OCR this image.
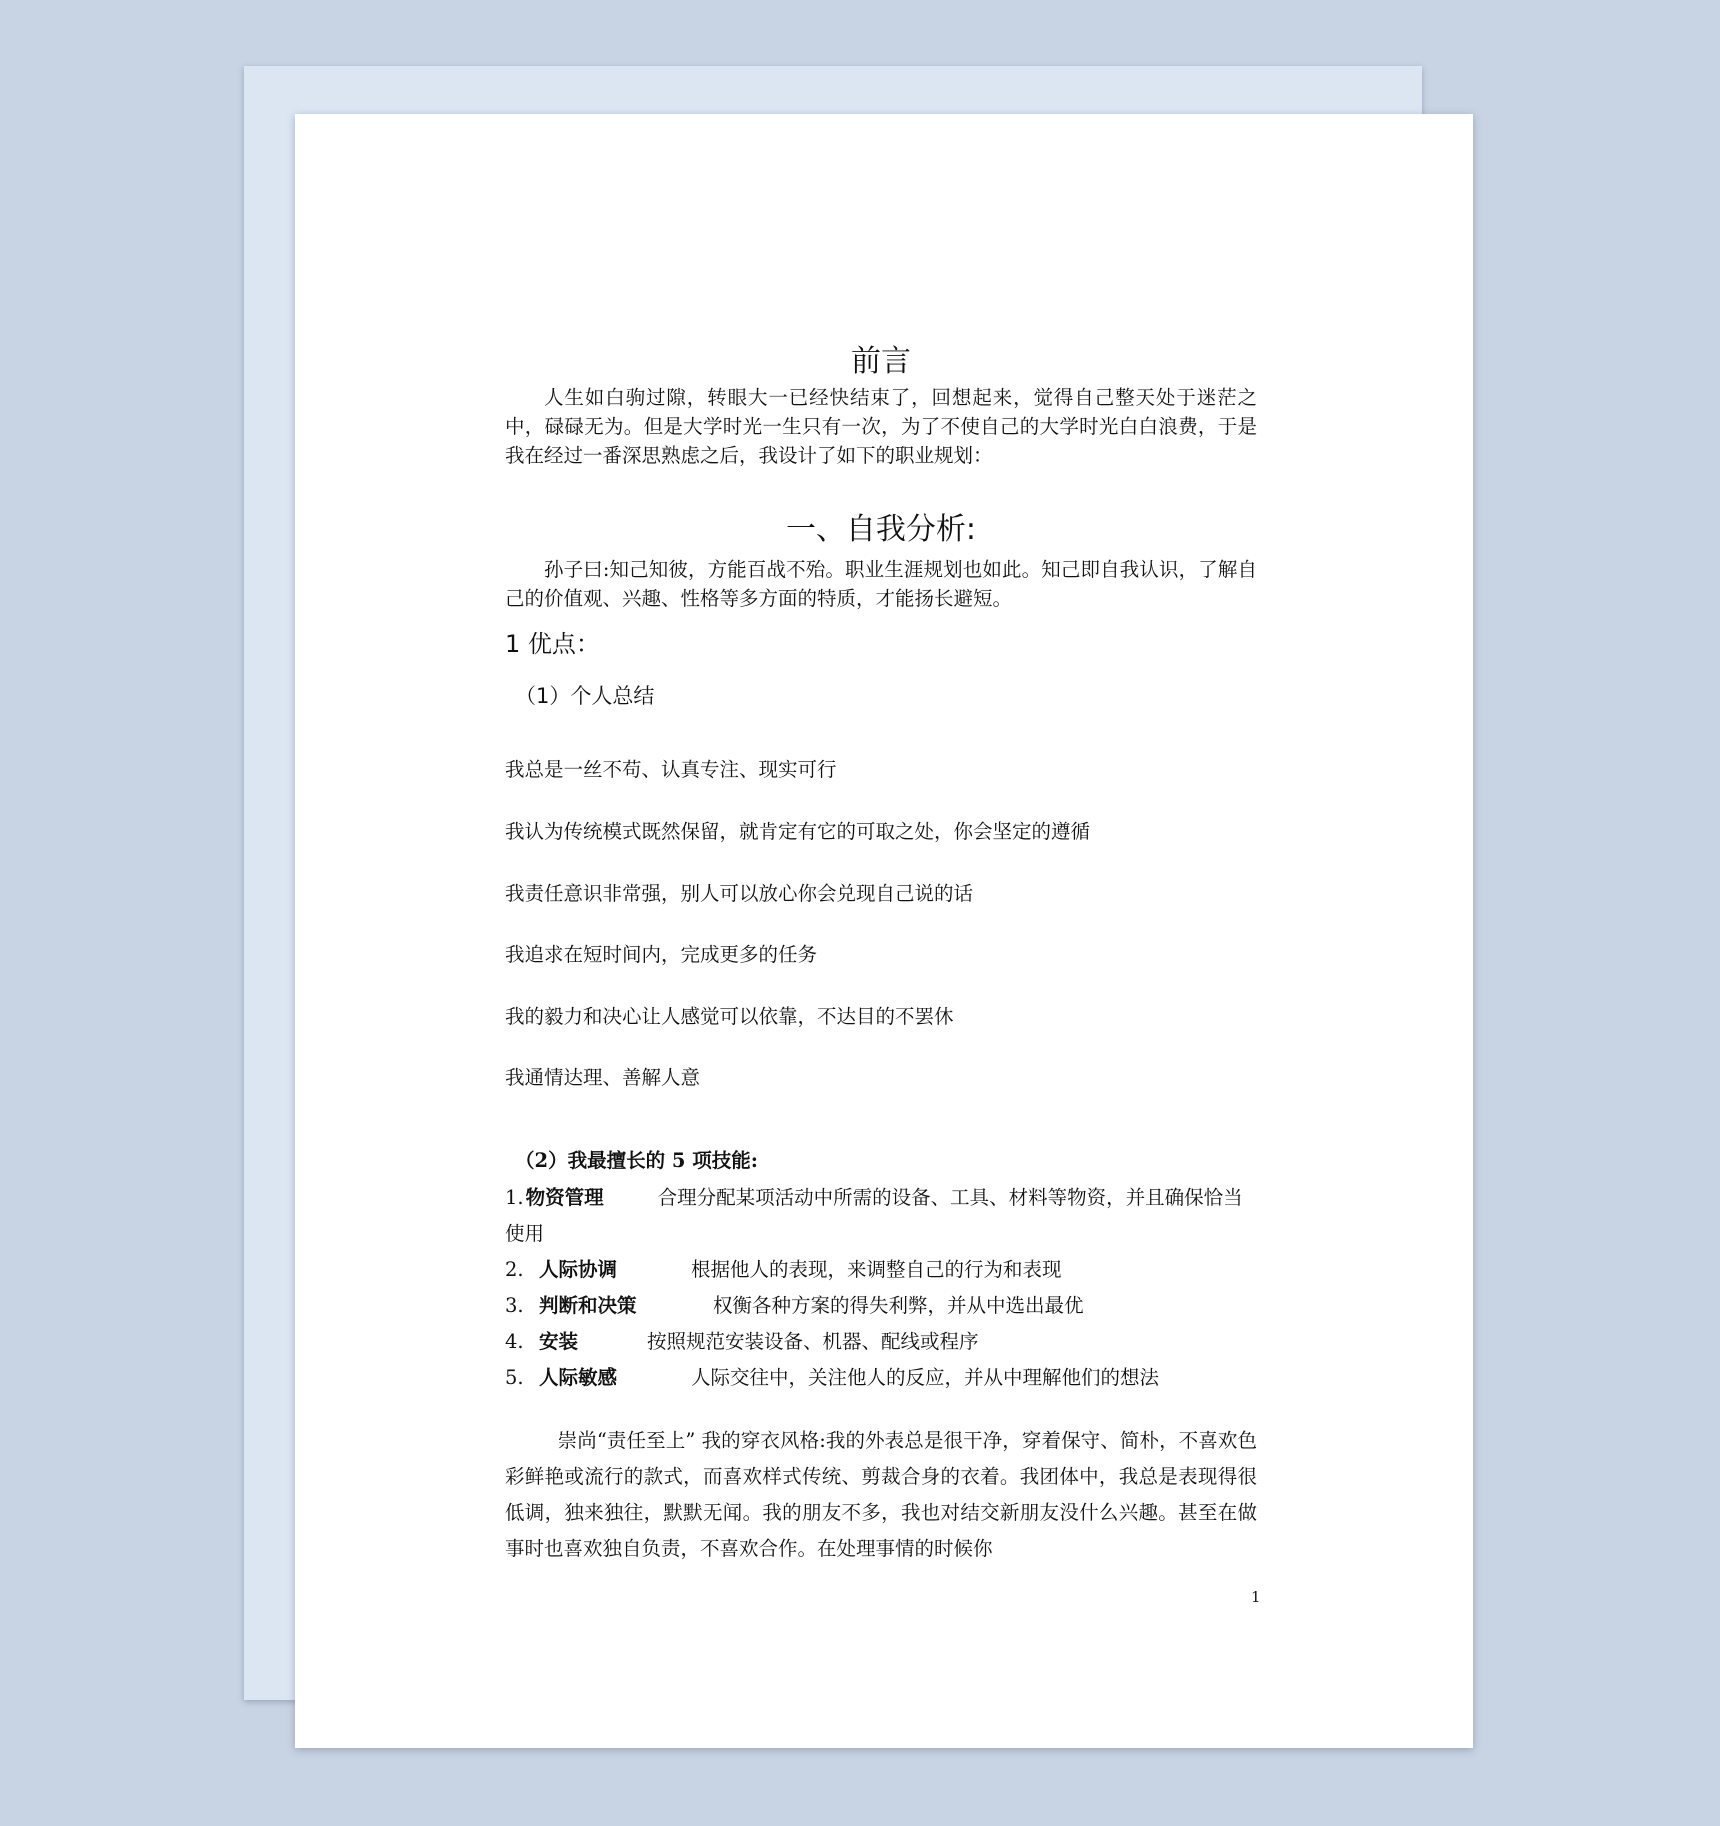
前言

人生如白驹过隙，转眼大一已经快结束了，回想起来，觉得自己整天处于迷茫之中，碌碌无为。但是大学时光一生只有一次，为了不使自己的大学时光白白浪费，于是我在经过一番深思熟虑之后，我设计了如下的职业规划：

一、自我分析:

孙子曰:知己知彼，方能百战不殆。职业生涯规划也如此。知己即自我认识，了解自己的价值观、兴趣、性格等多方面的特质，才能扬长避短。

1 优点：
（1）个人总结
我总是一丝不苟、认真专注、现实可行
我认为传统模式既然保留，就肯定有它的可取之处，你会坚定的遵循
我责任意识非常强，别人可以放心你会兑现自己说的话
我追求在短时间内，完成更多的任务
我的毅力和决心让人感觉可以依靠，不达目的不罢休
我通情达理、善解人意
（2）我最擅长的 5 项技能:
1. 物资管理	合理分配某项活动中所需的设备、工具、材料等物资，并且确保恰当使用
2. 人际协调	根据他人的表现，来调整自己的行为和表现
3. 判断和决策	权衡各种方案的得失利弊，并从中选出最优
4. 安装	按照规范安装设备、机器、配线或程序
5. 人际敏感	人际交往中，关注他人的反应，并从中理解他们的想法

崇尚“责任至上” 我的穿衣风格:我的外表总是很干净，穿着保守、简朴，不喜欢色彩鲜艳或流行的款式，而喜欢样式传统、剪裁合身的衣着。我团体中，我总是表现得很低调，独来独往，默默无闻。我的朋友不多，我也对结交新朋友没什么兴趣。甚至在做事时也喜欢独自负责，不喜欢合作。在处理事情的时候你

1
